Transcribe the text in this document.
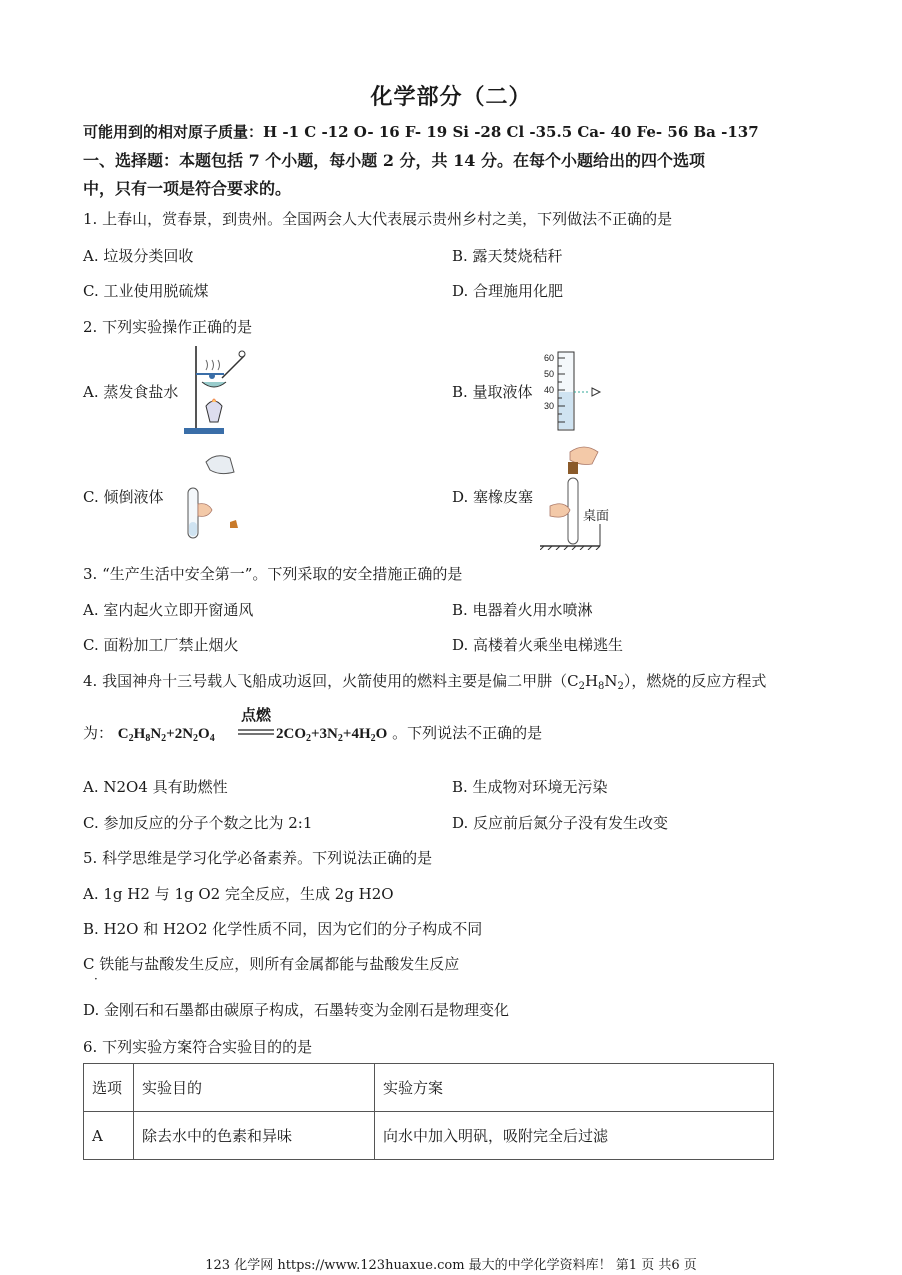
化学部分（二）
可能用到的相对原子质量：H -1 C -12 O- 16 F- 19 Si -28 Cl -35.5 Ca- 40 Fe- 56 Ba -137
一、选择题：本题包括 7 个小题，每小题 2 分，共 14 分。在每个小题给出的四个选项
中，只有一项是符合要求的。
1. 上春山，赏春景，到贵州。全国两会人大代表展示贵州乡村之美，下列做法不正确的是
A. 垃圾分类回收	B. 露天焚烧秸秆
C. 工业使用脱硫煤	D. 合理施用化肥
2. 下列实验操作正确的是
A. 蒸发食盐水	B. 量取液体
C. 倾倒液体	D. 塞橡皮塞
60
50
40
30
桌面
3. “生产生活中安全第一”。下列采取的安全措施正确的是
A. 室内起火立即开窗通风	B. 电器着火用水喷淋
C. 面粉加工厂禁止烟火	D. 高楼着火乘坐电梯逃生
4. 我国神舟十三号载人飞船成功返回，火箭使用的燃料主要是偏二甲肼$(C_2H_8N_2)$，燃烧的反应方程式
为： $C_2H_8N_2+2N_2O_4$
点燃
$2CO_2+3N_2+4H_2O$ 。下列说法不正确的是
A. N2O4 具有助燃性	B. 生成物对环境无污染
C. 参加反应的分子个数之比为 2:1	D. 反应前后氮分子没有发生改变
5. 科学思维是学习化学必备素养。下列说法正确的是
A. 1g H2 与 1g O2 完全反应，生成 2g H2O
B. H2O 和 H2O2 化学性质不同，因为它们的分子构成不同
C 铁能与盐酸发生反应，则所有金属都能与盐酸发生反应
·
D. 金刚石和石墨都由碳原子构成，石墨转变为金刚石是物理变化
6. 下列实验方案符合实验目的的是
选项	实验目的	实验方案
A	除去水中的色素和异味	向水中加入明矾，吸附完全后过滤
123 化学网 https://www.123huaxue.com 最大的中学化学资料库！ 第1 页 共6 页
